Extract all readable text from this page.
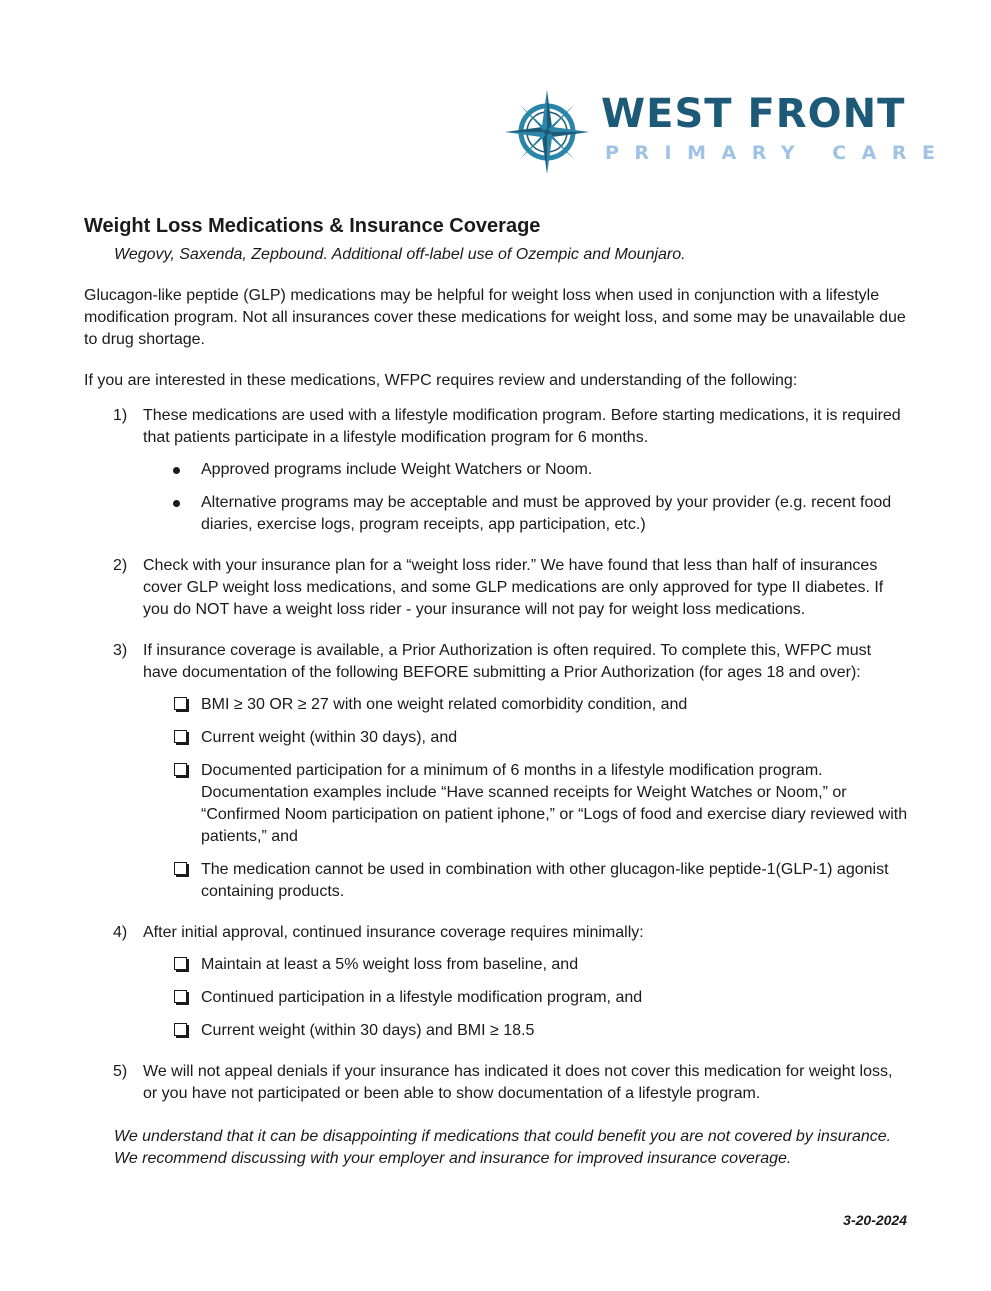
WEST FRONT
PRIMARY CARE
Weight Loss Medications & Insurance Coverage
Wegovy, Saxenda, Zepbound. Additional off-label use of Ozempic and Mounjaro.

Glucagon-like peptide (GLP) medications may be helpful for weight loss when used in conjunction with a lifestyle modification program. Not all insurances cover these medications for weight loss, and some may be unavailable due to drug shortage.

If you are interested in these medications, WFPC requires review and understanding of the following:

1) These medications are used with a lifestyle modification program. Before starting medications, it is required that patients participate in a lifestyle modification program for 6 months.
Approved programs include Weight Watchers or Noom.
Alternative programs may be acceptable and must be approved by your provider (e.g. recent food diaries, exercise logs, program receipts, app participation, etc.)
2) Check with your insurance plan for a “weight loss rider.” We have found that less than half of insurances cover GLP weight loss medications, and some GLP medications are only approved for type II diabetes. If you do NOT have a weight loss rider - your insurance will not pay for weight loss medications.
3) If insurance coverage is available, a Prior Authorization is often required. To complete this, WFPC must have documentation of the following BEFORE submitting a Prior Authorization (for ages 18 and over):
BMI ≥ 30 OR ≥ 27 with one weight related comorbidity condition, and
Current weight (within 30 days), and
Documented participation for a minimum of 6 months in a lifestyle modification program. Documentation examples include “Have scanned receipts for Weight Watches or Noom,” or “Confirmed Noom participation on patient iphone,” or “Logs of food and exercise diary reviewed with patients,” and
The medication cannot be used in combination with other glucagon-like peptide-1(GLP-1) agonist containing products.
4) After initial approval, continued insurance coverage requires minimally:
Maintain at least a 5% weight loss from baseline, and
Continued participation in a lifestyle modification program, and
Current weight (within 30 days) and BMI ≥ 18.5
5) We will not appeal denials if your insurance has indicated it does not cover this medication for weight loss, or you have not participated or been able to show documentation of a lifestyle program.

We understand that it can be disappointing if medications that could benefit you are not covered by insurance. We recommend discussing with your employer and insurance for improved insurance coverage.

3-20-2024
